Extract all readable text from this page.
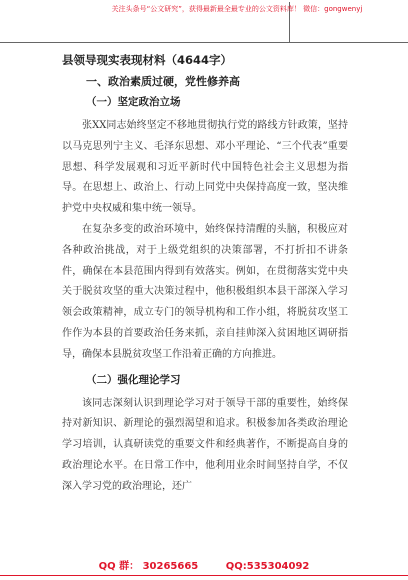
关注头条号“公文研究”，获得最新最全最专业的公文资料库！ 微信：gongwenyj
县领导现实表现材料（4644字）
一、政治素质过硬，党性修养高
（一）坚定政治立场

张XX同志始终坚定不移地贯彻执行党的路线方针政策，坚持以马克思列宁主义、毛泽东思想、邓小平理论、“三个代表”重要思想、科学发展观和习近平新时代中国特色社会主义思想为指导。在思想上、政治上、行动上同党中央保持高度一致，坚决维护党中央权威和集中统一领导。

在复杂多变的政治环境中，始终保持清醒的头脑，积极应对各种政治挑战，对于上级党组织的决策部署，不打折扣不讲条件，确保在本县范围内得到有效落实。例如，在贯彻落实党中央关于脱贫攻坚的重大决策过程中，他积极组织本县干部深入学习领会政策精神，成立专门的领导机构和工作小组，将脱贫攻坚工作作为本县的首要政治任务来抓，亲自挂帅深入贫困地区调研指导，确保本县脱贫攻坚工作沿着正确的方向推进。

（二）强化理论学习

该同志深刻认识到理论学习对于领导干部的重要性，始终保持对新知识、新理论的强烈渴望和追求。积极参加各类政治理论学习培训，认真研读党的重要文件和经典著作，不断提高自身的政治理论水平。在日常工作中，他利用业余时间坚持自学，不仅深入学习党的政治理论，还广

QQ 群： 30265665	QQ:535304092
